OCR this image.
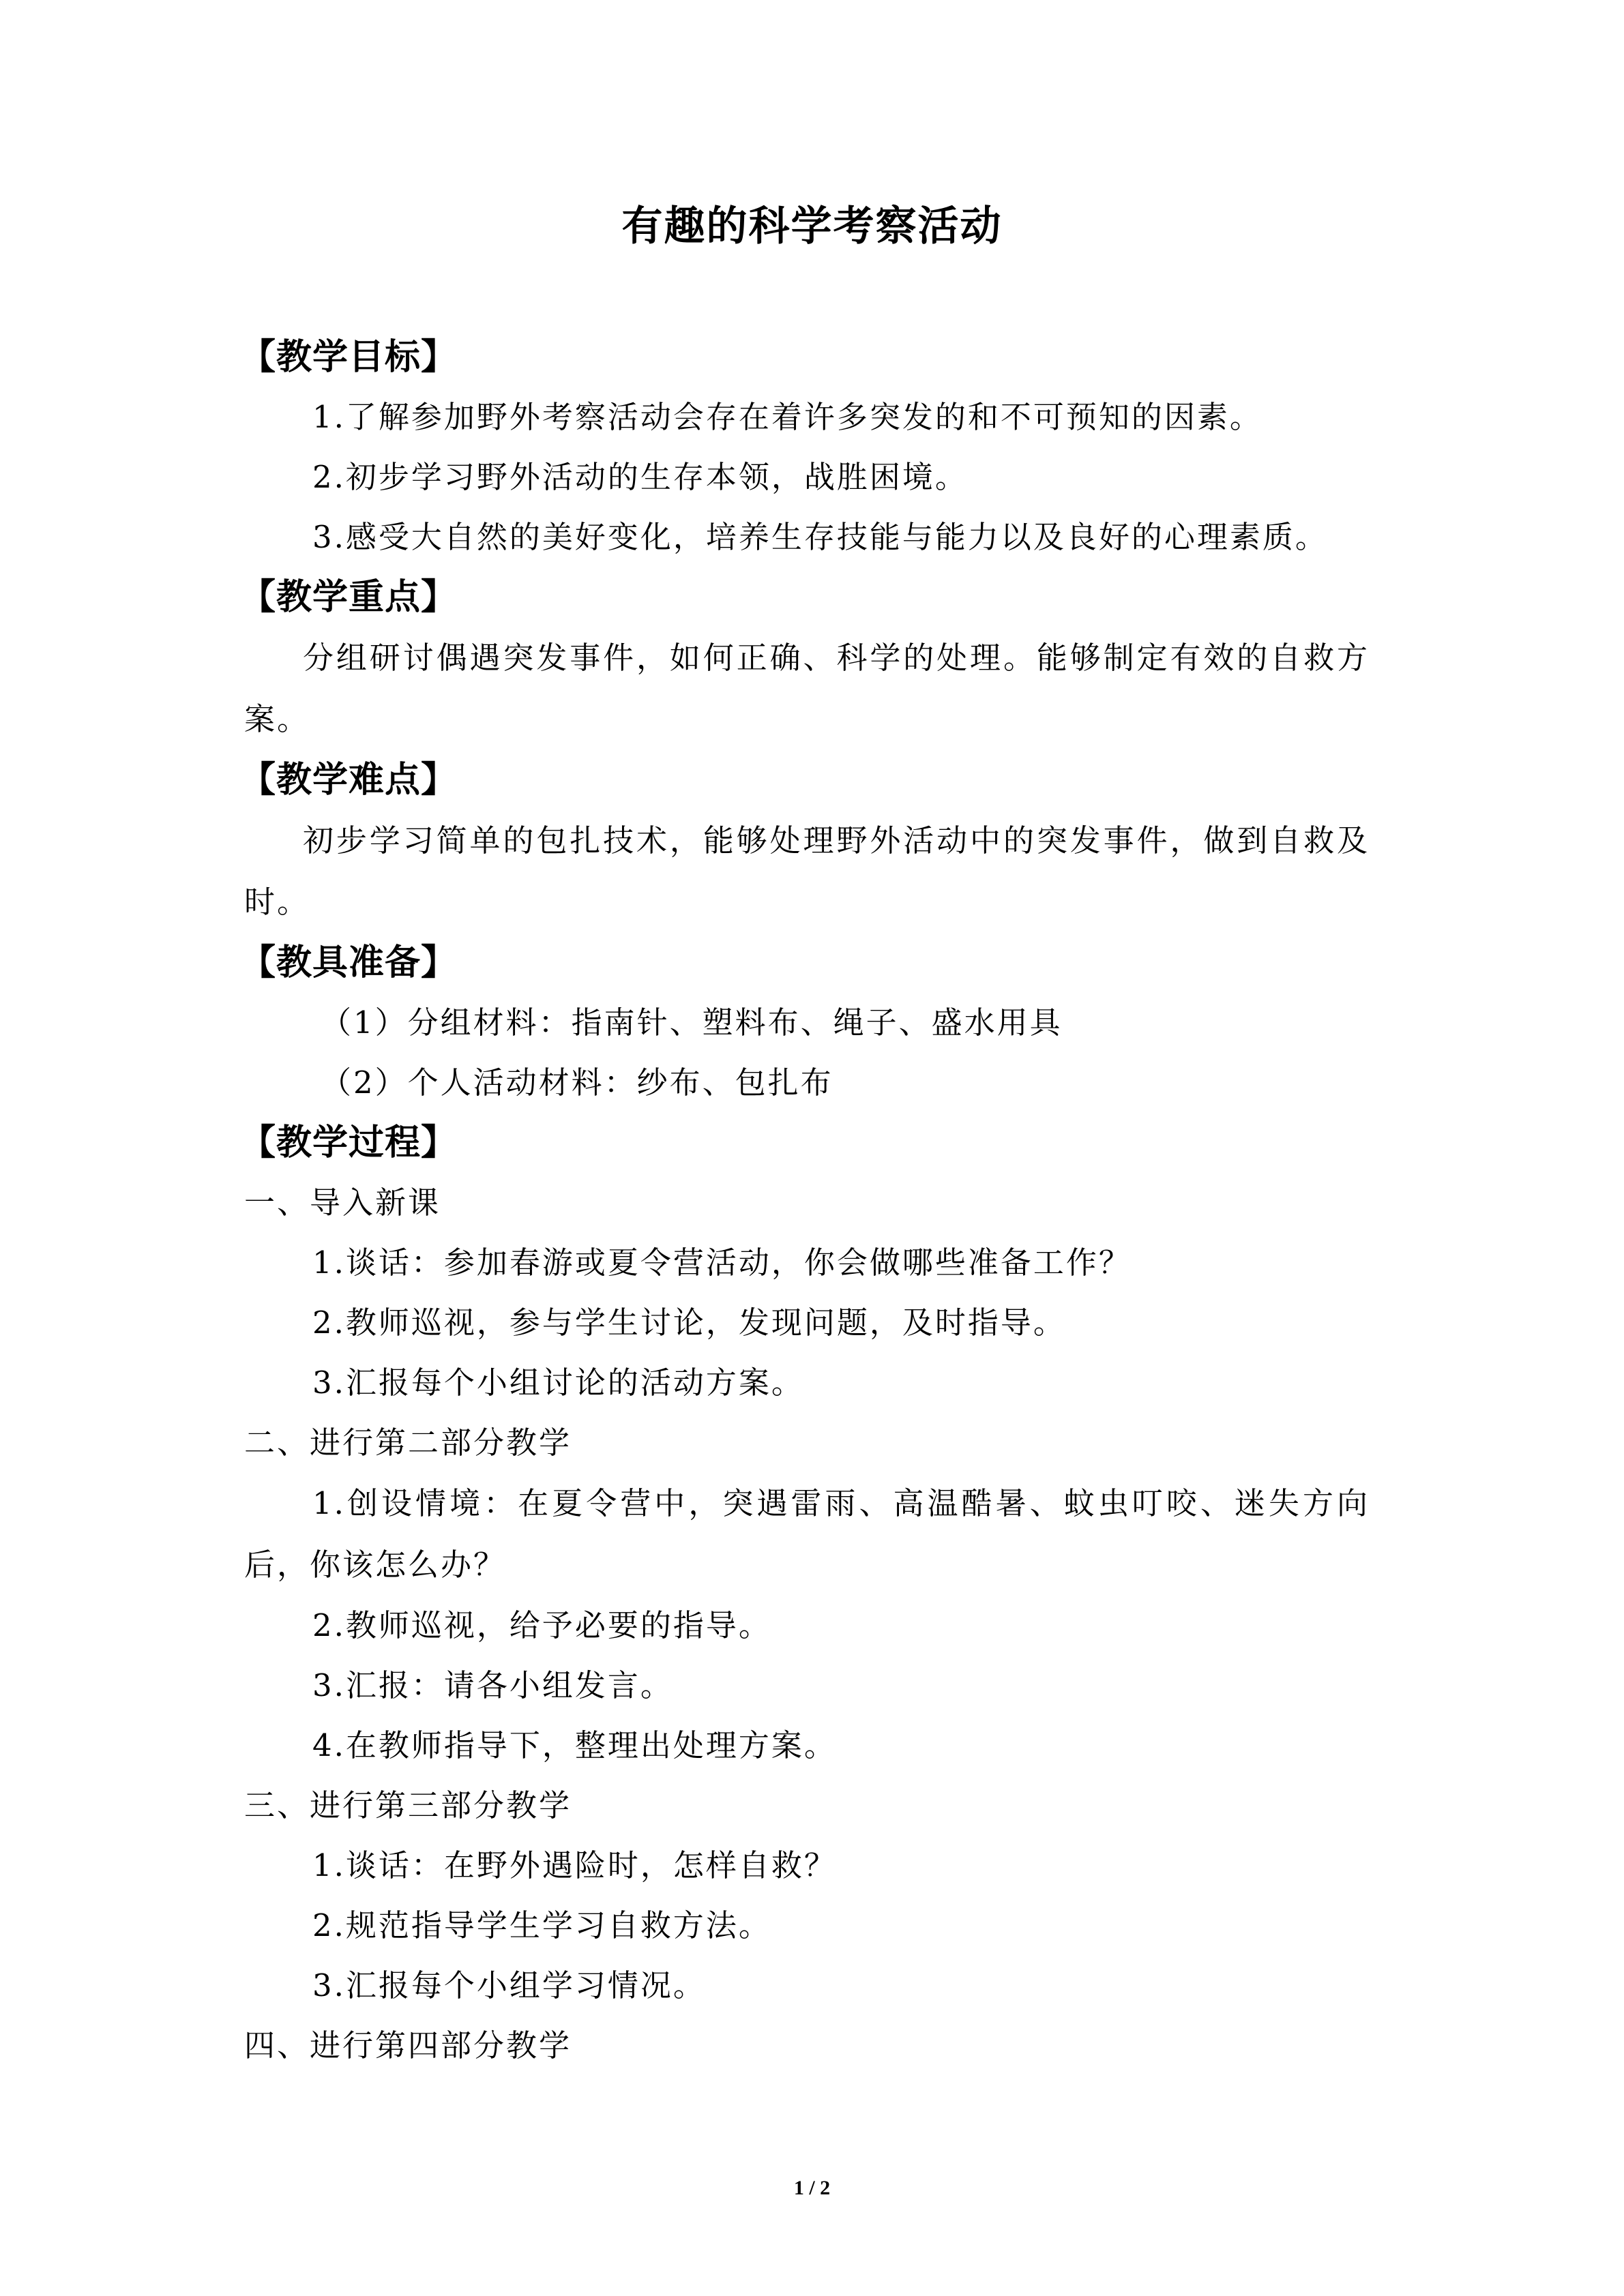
有趣的科学考察活动
【教学目标】
1.了解参加野外考察活动会存在着许多突发的和不可预知的因素。
2.初步学习野外活动的生存本领，战胜困境。
3.感受大自然的美好变化，培养生存技能与能力以及良好的心理素质。
【教学重点】
分组研讨偶遇突发事件，如何正确、科学的处理。能够制定有效的自救方案。
【教学难点】
初步学习简单的包扎技术，能够处理野外活动中的突发事件，做到自救及时。
【教具准备】
（1）分组材料：指南针、塑料布、绳子、盛水用具
（2）个人活动材料：纱布、包扎布
【教学过程】
一、导入新课
1.谈话：参加春游或夏令营活动，你会做哪些准备工作？
2.教师巡视，参与学生讨论，发现问题，及时指导。
3.汇报每个小组讨论的活动方案。
二、进行第二部分教学
1.创设情境：在夏令营中，突遇雷雨、高温酷暑、蚊虫叮咬、迷失方向后，你该怎么办？
2.教师巡视，给予必要的指导。
3.汇报：请各小组发言。
4.在教师指导下，整理出处理方案。
三、进行第三部分教学
1.谈话：在野外遇险时，怎样自救？
2.规范指导学生学习自救方法。
3.汇报每个小组学习情况。
四、进行第四部分教学
1 / 2
